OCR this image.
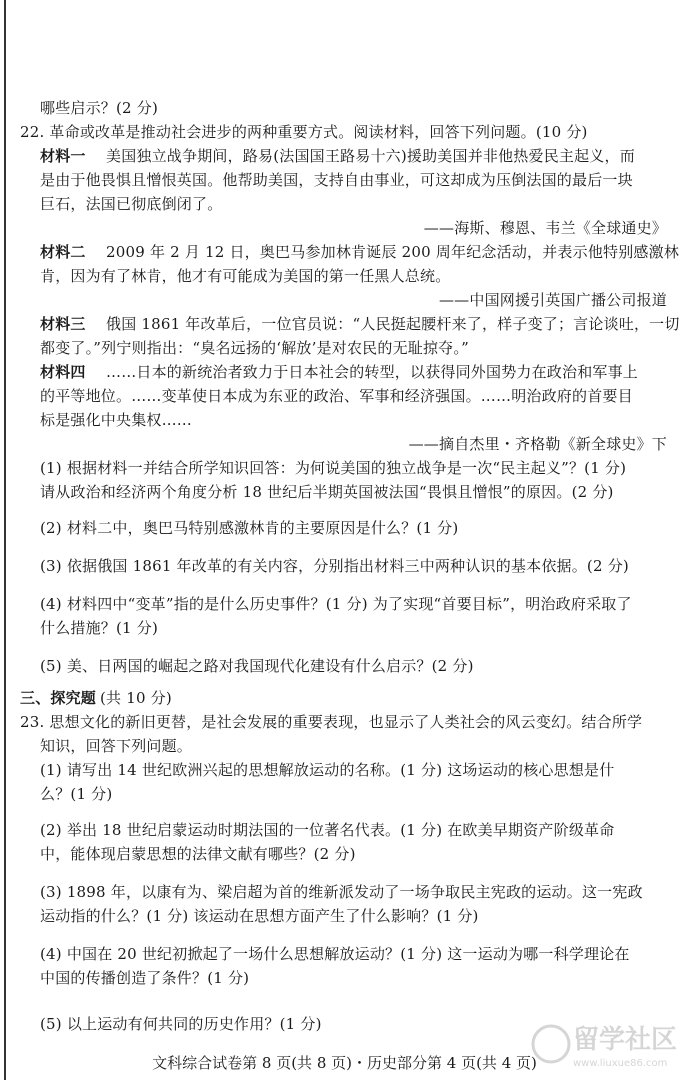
哪些启示？(2 分)
22. 革命或改革是推动社会进步的两种重要方式。阅读材料，回答下列问题。(10 分)
材料一 美国独立战争期间，路易(法国国王路易十六)援助美国并非他热爱民主起义，而
是由于他畏惧且憎恨英国。他帮助美国，支持自由事业，可这却成为压倒法国的最后一块
巨石，法国已彻底倒闭了。
——海斯、穆恩、韦兰《全球通史》
材料二 2009 年 2 月 12 日，奥巴马参加林肯诞辰 200 周年纪念活动，并表示他特别感激林
肯，因为有了林肯，他才有可能成为美国的第一任黑人总统。
——中国网援引英国广播公司报道
材料三 俄国 1861 年改革后，一位官员说：“人民挺起腰杆来了，样子变了；言论谈吐，一切
都变了。”列宁则指出：“臭名远扬的‘解放’是对农民的无耻掠夺。”
材料四 ……日本的新统治者致力于日本社会的转型，以获得同外国势力在政治和军事上
的平等地位。……变革使日本成为东亚的政治、军事和经济强国。……明治政府的首要目
标是强化中央集权……
——摘自杰里・齐格勒《新全球史》下
(1) 根据材料一并结合所学知识回答：为何说美国的独立战争是一次“民主起义”？(1 分)
请从政治和经济两个角度分析 18 世纪后半期英国被法国“畏惧且憎恨”的原因。(2 分)
(2) 材料二中，奥巴马特别感激林肯的主要原因是什么？(1 分)
(3) 依据俄国 1861 年改革的有关内容，分别指出材料三中两种认识的基本依据。(2 分)
(4) 材料四中“变革”指的是什么历史事件？(1 分) 为了实现“首要目标”，明治政府采取了
什么措施？(1 分)
(5) 美、日两国的崛起之路对我国现代化建设有什么启示？(2 分)
三、探究题 (共 10 分)
23. 思想文化的新旧更替，是社会发展的重要表现，也显示了人类社会的风云变幻。结合所学
知识，回答下列问题。
(1) 请写出 14 世纪欧洲兴起的思想解放运动的名称。(1 分) 这场运动的核心思想是什
么？(1 分)
(2) 举出 18 世纪启蒙运动时期法国的一位著名代表。(1 分) 在欧美早期资产阶级革命
中，能体现启蒙思想的法律文献有哪些？(2 分)
(3) 1898 年，以康有为、梁启超为首的维新派发动了一场争取民主宪政的运动。这一宪政
运动指的什么？(1 分) 该运动在思想方面产生了什么影响？(1 分)
(4) 中国在 20 世纪初掀起了一场什么思想解放运动？(1 分) 这一运动为哪一科学理论在
中国的传播创造了条件？(1 分)
(5) 以上运动有何共同的历史作用？(1 分)
文科综合试卷第 8 页(共 8 页)・历史部分第 4 页(共 4 页)
留学社区
www.liuxue86.com
